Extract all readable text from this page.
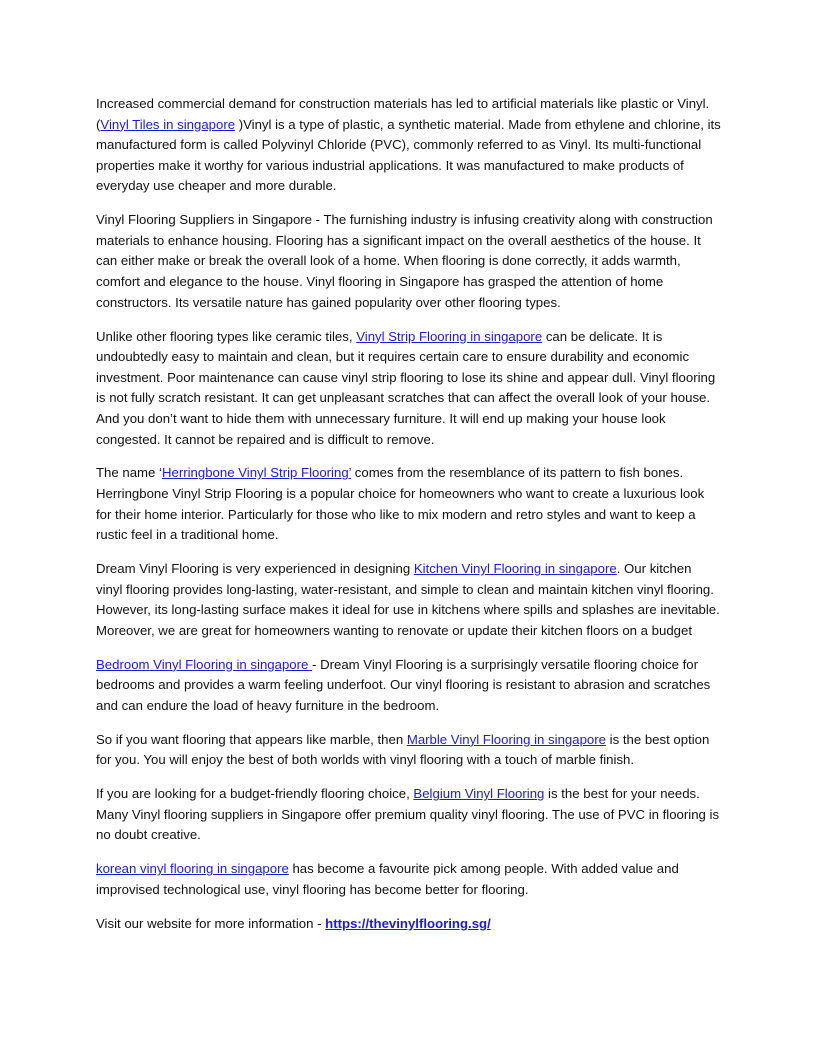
Increased commercial demand for construction materials has led to artificial materials like plastic or Vinyl. (Vinyl Tiles in singapore )Vinyl is a type of plastic, a synthetic material. Made from ethylene and chlorine, its manufactured form is called Polyvinyl Chloride (PVC), commonly referred to as Vinyl. Its multi-functional properties make it worthy for various industrial applications. It was manufactured to make products of everyday use cheaper and more durable.

Vinyl Flooring Suppliers in Singapore - The furnishing industry is infusing creativity along with construction materials to enhance housing. Flooring has a significant impact on the overall aesthetics of the house. It can either make or break the overall look of a home. When flooring is done correctly, it adds warmth, comfort and elegance to the house. Vinyl flooring in Singapore has grasped the attention of home constructors. Its versatile nature has gained popularity over other flooring types.

Unlike other flooring types like ceramic tiles, Vinyl Strip Flooring in singapore can be delicate. It is undoubtedly easy to maintain and clean, but it requires certain care to ensure durability and economic investment. Poor maintenance can cause vinyl strip flooring to lose its shine and appear dull. Vinyl flooring is not fully scratch resistant. It can get unpleasant scratches that can affect the overall look of your house. And you don’t want to hide them with unnecessary furniture. It will end up making your house look congested. It cannot be repaired and is difficult to remove.

The name ‘Herringbone Vinyl Strip Flooring’ comes from the resemblance of its pattern to fish bones. Herringbone Vinyl Strip Flooring is a popular choice for homeowners who want to create a luxurious look for their home interior. Particularly for those who like to mix modern and retro styles and want to keep a rustic feel in a traditional home.

Dream Vinyl Flooring is very experienced in designing Kitchen Vinyl Flooring in singapore. Our kitchen vinyl flooring provides long-lasting, water-resistant, and simple to clean and maintain kitchen vinyl flooring. However, its long-lasting surface makes it ideal for use in kitchens where spills and splashes are inevitable. Moreover, we are great for homeowners wanting to renovate or update their kitchen floors on a budget

Bedroom Vinyl Flooring in singapore - Dream Vinyl Flooring is a surprisingly versatile flooring choice for bedrooms and provides a warm feeling underfoot. Our vinyl flooring is resistant to abrasion and scratches and can endure the load of heavy furniture in the bedroom.

So if you want flooring that appears like marble, then Marble Vinyl Flooring in singapore is the best option for you. You will enjoy the best of both worlds with vinyl flooring with a touch of marble finish.

If you are looking for a budget-friendly flooring choice, Belgium Vinyl Flooring is the best for your needs. Many Vinyl flooring suppliers in Singapore offer premium quality vinyl flooring. The use of PVC in flooring is no doubt creative.

korean vinyl flooring in singapore has become a favourite pick among people. With added value and improvised technological use, vinyl flooring has become better for flooring.

Visit our website for more information - https://thevinylflooring.sg/
